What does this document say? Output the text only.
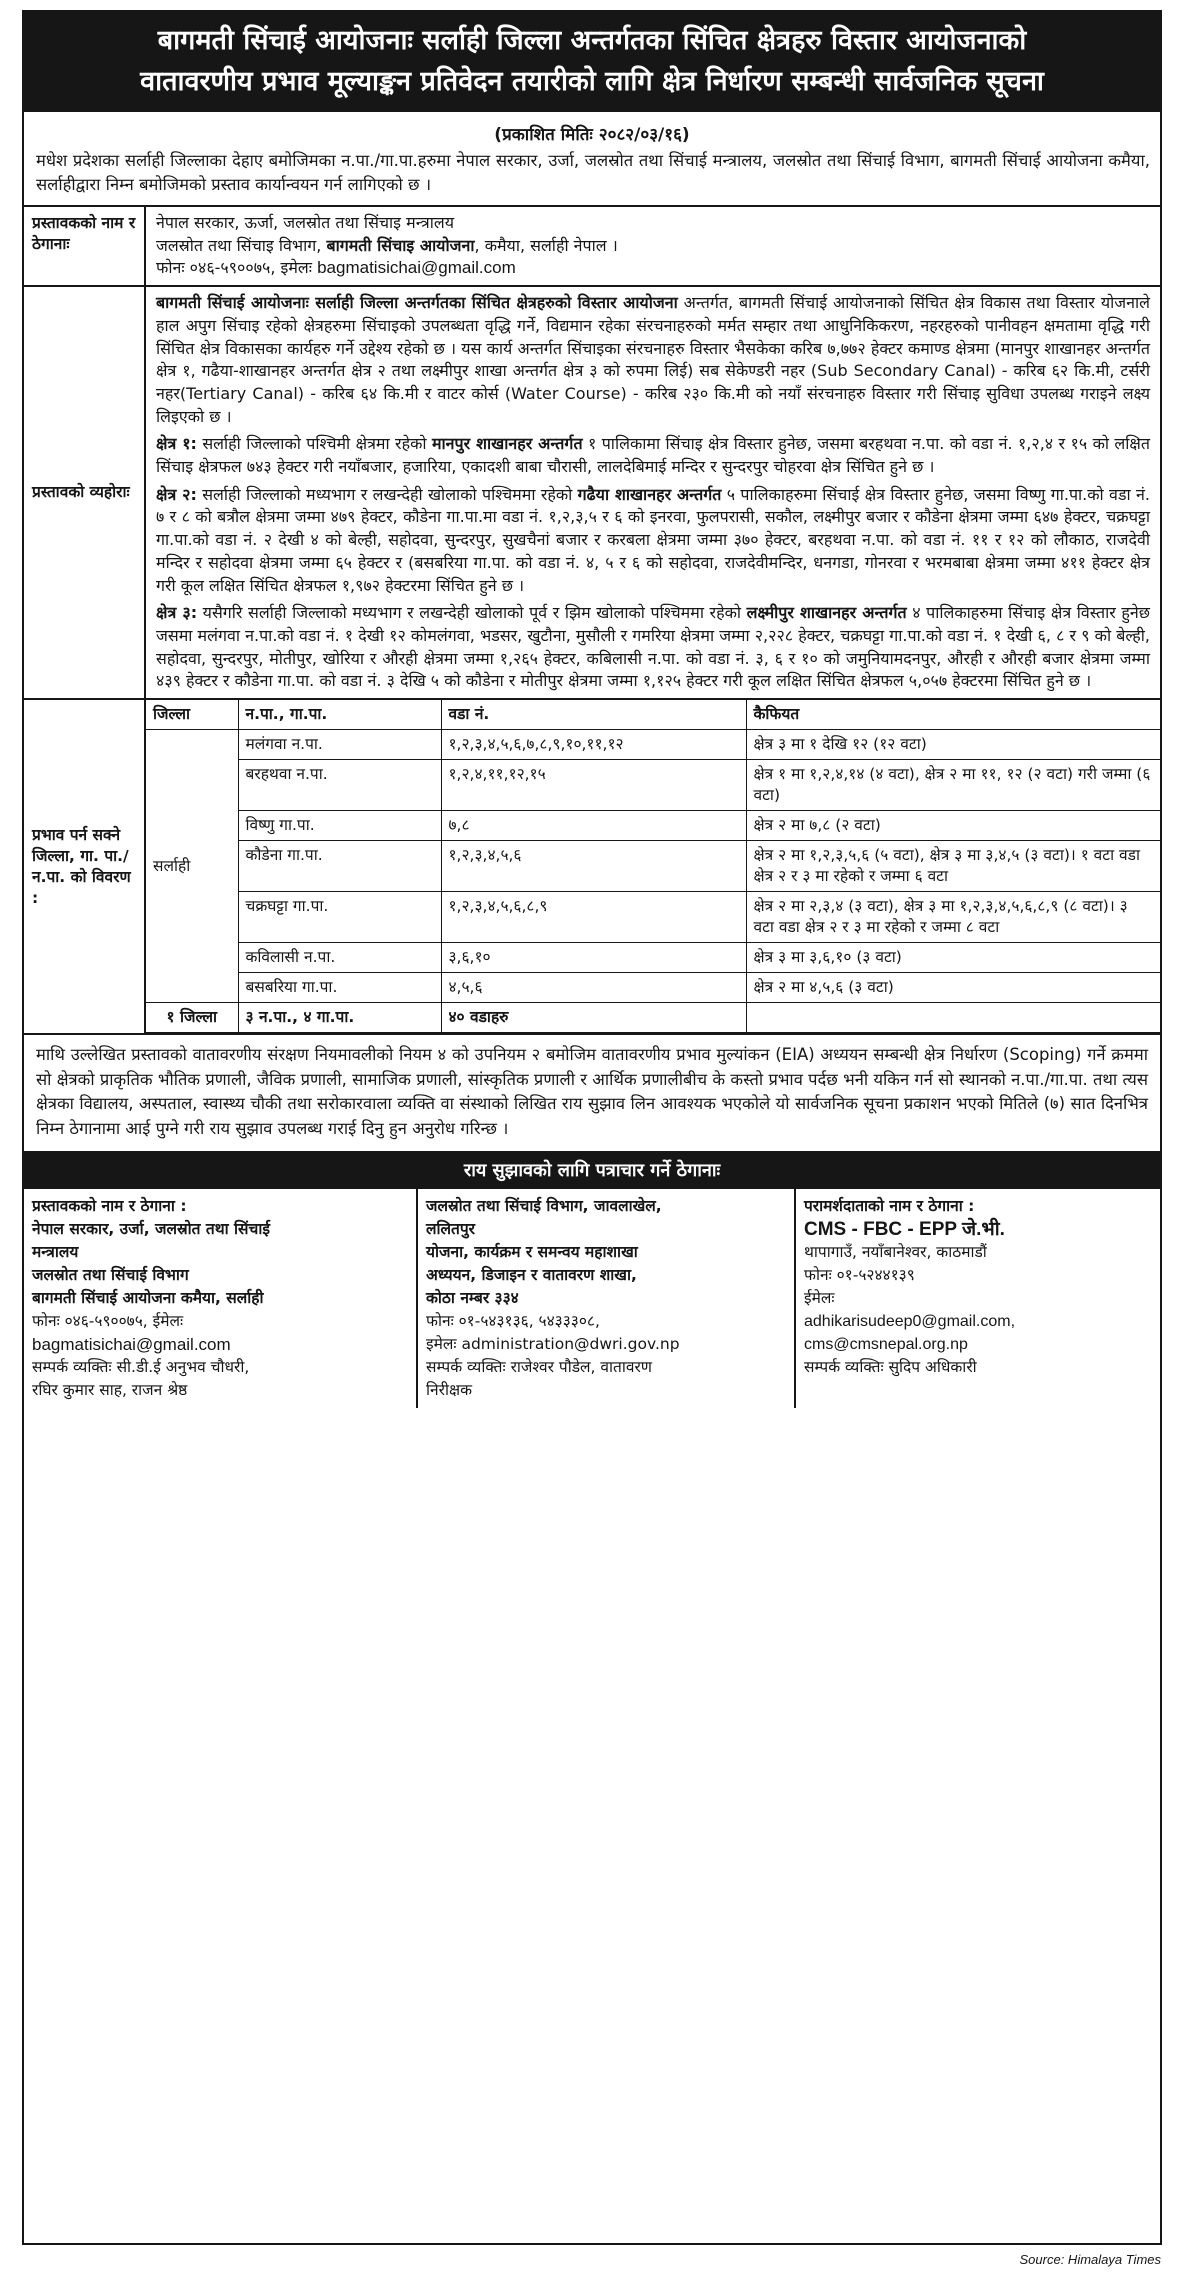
बागमती सिंचाई आयोजनाः सर्लाही जिल्ला अन्तर्गतका सिंचित क्षेत्रहरु विस्तार आयोजनाको
वातावरणीय प्रभाव मूल्याङ्कन प्रतिवेदन तयारीको लागि क्षेत्र निर्धारण सम्बन्धी सार्वजनिक सूचना
(प्रकाशित मितिः २०८२/०३/१६)
मधेश प्रदेशका सर्लाही जिल्लाका देहाए बमोजिमका न.पा./गा.पा.हरुमा नेपाल सरकार, उर्जा, जलस्रोत तथा सिंचाई मन्त्रालय, जलस्रोत तथा सिंचाई विभाग, बागमती सिंचाई आयोजना कमैया, सर्लाहीद्वारा निम्न बमोजिमको प्रस्ताव कार्यान्वयन गर्न लागिएको छ ।
प्रस्तावकको नाम र ठेगानाः
नेपाल सरकार, ऊर्जा, जलस्रोत तथा सिंचाइ मन्त्रालय
जलस्रोत तथा सिंचाइ विभाग, बागमती सिंचाइ आयोजना, कमैया, सर्लाही नेपाल ।
फोनः ०४६-५९००७५, इमेलः bagmatisichai@gmail.com
प्रस्तावको व्यहोराः

बागमती सिंचाई आयोजनाः सर्लाही जिल्ला अन्तर्गतका सिंचित क्षेत्रहरुको विस्तार आयोजना अन्तर्गत, बागमती सिंचाई आयोजनाको सिंचित क्षेत्र विकास तथा विस्तार योजनाले हाल अपुग सिंचाइ रहेको क्षेत्रहरुमा सिंचाइको उपलब्धता वृद्धि गर्ने, विद्यमान रहेका संरचनाहरुको मर्मत सम्हार तथा आधुनिकिकरण, नहरहरुको पानीवहन क्षमतामा वृद्धि गरी सिंचित क्षेत्र विकासका कार्यहरु गर्ने उद्देश्य रहेको छ । यस कार्य अन्तर्गत सिंचाइका संरचनाहरु विस्तार भैसकेका करिब ७,७७२ हेक्टर कमाण्ड क्षेत्रमा (मानपुर शाखानहर अन्तर्गत क्षेत्र १, गढैया-शाखानहर अन्तर्गत क्षेत्र २ तथा लक्ष्मीपुर शाखा अन्तर्गत क्षेत्र ३ को रुपमा लिई) सब सेकेण्डरी नहर (Sub Secondary Canal) - करिब ६२ कि.मी, टर्सरी नहर(Tertiary Canal) - करिब ६४ कि.मी र वाटर कोर्स (Water Course) - करिब २३० कि.मी को नयाँ संरचनाहरु विस्तार गरी सिंचाइ सुविधा उपलब्ध गराइने लक्ष्य लिइएको छ ।

क्षेत्र १: सर्लाही जिल्लाको पश्चिमी क्षेत्रमा रहेको मानपुर शाखानहर अन्तर्गत १ पालिकामा सिंचाइ क्षेत्र विस्तार हुनेछ, जसमा बरहथवा न.पा. को वडा नं. १,२,४ र १५ को लक्षित सिंचाइ क्षेत्रफल ७४३ हेक्टर गरी नयाँबजार, हजारिया, एकादशी बाबा चौरासी, लालदेबिमाई मन्दिर र सुन्दरपुर चोहरवा क्षेत्र सिंचित हुने छ ।

क्षेत्र २: सर्लाही जिल्लाको मध्यभाग र लखन्देही खोलाको पश्चिममा रहेको गढैया शाखानहर अन्तर्गत ५ पालिकाहरुमा सिंचाई क्षेत्र विस्तार हुनेछ, जसमा विष्णु गा.पा.को वडा नं. ७ र ८ को बत्रौल क्षेत्रमा जम्मा ४७९ हेक्टर, कौडेना गा.पा.मा वडा नं. १,२,३,५ र ६ को इनरवा, फुलपरासी, सकौल, लक्ष्मीपुर बजार र कौडेना क्षेत्रमा जम्मा ६४७ हेक्टर, चक्रघट्टा गा.पा.को वडा नं. २ देखी ४ को बेल्ही, सहोदवा, सुन्दरपुर, सुखचैनां बजार र करबला क्षेत्रमा जम्मा ३७० हेक्टर, बरहथवा न.पा. को वडा नं. ११ र १२ को लौकाठ, राजदेवी मन्दिर र सहोदवा क्षेत्रमा जम्मा ६५ हेक्टर र (बसबरिया गा.पा. को वडा नं. ४, ५ र ६ को सहोदवा, राजदेवीमन्दिर, धनगडा, गोनरवा र भरमबाबा क्षेत्रमा जम्मा ४११ हेक्टर क्षेत्र गरी कूल लक्षित सिंचित क्षेत्रफल १,९७२ हेक्टरमा सिंचित हुने छ ।

क्षेत्र ३: यसैगरि सर्लाही जिल्लाको मध्यभाग र लखन्देही खोलाको पूर्व र झिम खोलाको पश्चिममा रहेको लक्ष्मीपुर शाखानहर अन्तर्गत ४ पालिकाहरुमा सिंचाइ क्षेत्र विस्तार हुनेछ जसमा मलंगवा न.पा.को वडा नं. १ देखी १२ कोमलंगवा, भडसर, खुटौना, मुसौली र गमरिया क्षेत्रमा जम्मा २,२२८ हेक्टर, चक्रघट्टा गा.पा.को वडा नं. १ देखी ६, ८ र ९ को बेल्ही, सहोदवा, सुन्दरपुर, मोतीपुर, खोरिया र औरही क्षेत्रमा जम्मा १,२६५ हेक्टर, कबिलासी न.पा. को वडा नं. ३, ६ र १० को जमुनियामदनपुर, औरही र औरही बजार क्षेत्रमा जम्मा ४३९ हेक्टर र कौडेना गा.पा. को वडा नं. ३ देखि ५ को कौडेना र मोतीपुर क्षेत्रमा जम्मा १,१२५ हेक्टर गरी कूल लक्षित सिंचित क्षेत्रफल ५,०५७ हेक्टरमा सिंचित हुने छ ।

प्रभाव पर्न सक्ने जिल्ला, गा. पा./ न.पा. को विवरण :
जिल्ला	न.पा., गा.पा.	वडा नं.	कैफियत
सर्लाही	मलंगवा न.पा.	१,२,३,४,५,६,७,८,९,१०,११,१२	क्षेत्र ३ मा १ देखि १२ (१२ वटा)
	बरहथवा न.पा.	१,२,४,११,१२,१५	क्षेत्र १ मा १,२,४,१४ (४ वटा), क्षेत्र २ मा ११, १२ (२ वटा) गरी जम्मा (६ वटा)
	विष्णु गा.पा.	७,८	क्षेत्र २ मा ७,८ (२ वटा)
	कौडेना गा.पा.	१,२,३,४,५,६	क्षेत्र २ मा १,२,३,५,६ (५ वटा), क्षेत्र ३ मा ३,४,५ (३ वटा)। १ वटा वडा क्षेत्र २ र ३ मा रहेको र जम्मा ६ वटा
	चक्रघट्टा गा.पा.	१,२,३,४,५,६,८,९	क्षेत्र २ मा २,३,४ (३ वटा), क्षेत्र ३ मा १,२,३,४,५,६,८,९ (८ वटा)। ३ वटा वडा क्षेत्र २ र ३ मा रहेको र जम्मा ८ वटा
	कविलासी न.पा.	३,६,१०	क्षेत्र ३ मा ३,६,१० (३ वटा)
	बसबरिया गा.पा.	४,५,६	क्षेत्र २ मा ४,५,६ (३ वटा)
१ जिल्ला	३ न.पा., ४ गा.पा.	४० वडाहरु	
माथि उल्लेखित प्रस्तावको वातावरणीय संरक्षण नियमावलीको नियम ४ को उपनियम २ बमोजिम वातावरणीय प्रभाव मुल्यांकन (EIA) अध्ययन सम्बन्धी क्षेत्र निर्धारण (Scoping) गर्ने क्रममा सो क्षेत्रको प्राकृतिक भौतिक प्रणाली, जैविक प्रणाली, सामाजिक प्रणाली, सांस्कृतिक प्रणाली र आर्थिक प्रणालीबीच के कस्तो प्रभाव पर्दछ भनी यकिन गर्न सो स्थानको न.पा./गा.पा. तथा त्यस क्षेत्रका विद्यालय, अस्पताल, स्वास्थ्य चौकी तथा सरोकारवाला व्यक्ति वा संस्थाको लिखित राय सुझाव लिन आवश्यक भएकोले यो सार्वजनिक सूचना प्रकाशन भएको मितिले (७) सात दिनभित्र निम्न ठेगानामा आई पुग्ने गरी राय सुझाव उपलब्ध गराई दिनु हुन अनुरोध गरिन्छ ।
राय सुझावको लागि पत्राचार गर्ने ठेगानाः
प्रस्तावकको नाम र ठेगाना :
नेपाल सरकार, उर्जा, जलस्रोत तथा सिंचाई
मन्त्रालय
जलस्रोत तथा सिंचाई विभाग
बागमती सिंचाई आयोजना कमैया, सर्लाही
फोनः ०४६-५९००७५, ईमेलः
bagmatisichai@gmail.com
सम्पर्क व्यक्तिः सी.डी.ई अनुभव चौधरी,
रघिर कुमार साह, राजन श्रेष्ठ
जलस्रोत तथा सिंचाई विभाग, जावलाखेल,
ललितपुर
योजना, कार्यक्रम र समन्वय महाशाखा
अध्ययन, डिजाइन र वातावरण शाखा,
कोठा नम्बर ३३४
फोनः ०१-५४३१३६, ५४३३३०८,
इमेलः administration@dwri.gov.np
सम्पर्क व्यक्तिः राजेश्वर पौडेल, वातावरण
निरीक्षक
परामर्शदाताको नाम र ठेगाना :
CMS - FBC - EPP जे.भी.
थापागाउँ, नयाँबानेश्वर, काठमाडौं
फोनः ०१-५२४४१३९
ईमेलः
adhikarisudeep0@gmail.com,
cms@cmsnepal.org.np
सम्पर्क व्यक्तिः सुदिप अधिकारी
Source: Himalaya Times
